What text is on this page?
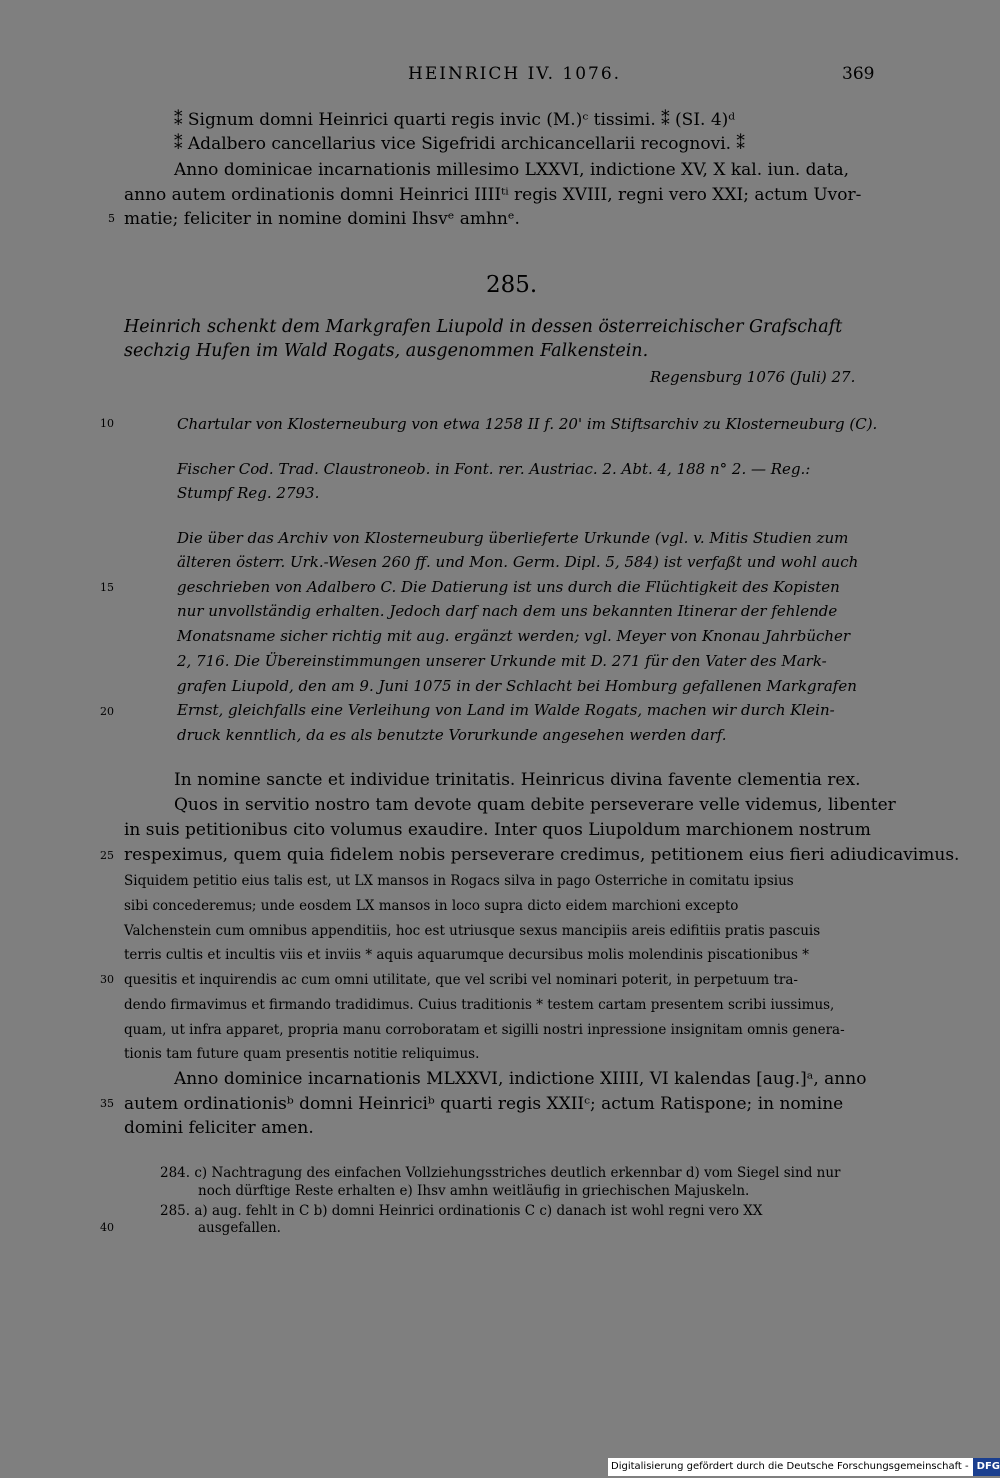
HEINRICH IV. 1076.	369
⁑ Signum domni Heinrici quarti regis invic (M.)ᶜ tissimi. ⁑ (SI. 4)ᵈ
⁑ Adalbero cancellarius vice Sigefridi archicancellarii recognovi. ⁑
Anno dominicae incarnationis millesimo LXXVI, indictione XV, X kal. iun. data,
anno autem ordinationis domni Heinrici IIIIᵗⁱ regis XVIII, regni vero XXI; actum Uvor-
matie; feliciter in nomine domini Ihsvᵉ amhnᵉ.
285.
Heinrich schenkt dem Markgrafen Liupold in dessen österreichischer Grafschaft
sechzig Hufen im Wald Rogats, ausgenommen Falkenstein.
Regensburg 1076 (Juli) 27.
Chartular von Klosterneuburg von etwa 1258 II f. 20' im Stiftsarchiv zu Klosterneuburg (C).
Fischer Cod. Trad. Claustroneob. in Font. rer. Austriac. 2. Abt. 4, 188 n° 2. — Reg.:
Stumpf Reg. 2793.
Die über das Archiv von Klosterneuburg überlieferte Urkunde (vgl. v. Mitis Studien zum
älteren österr. Urk.-Wesen 260 ff. und Mon. Germ. Dipl. 5, 584) ist verfaßt und wohl auch
geschrieben von Adalbero C. Die Datierung ist uns durch die Flüchtigkeit des Kopisten
nur unvollständig erhalten. Jedoch darf nach dem uns bekannten Itinerar der fehlende
Monatsname sicher richtig mit aug. ergänzt werden; vgl. Meyer von Knonau Jahrbücher
2, 716. Die Übereinstimmungen unserer Urkunde mit D. 271 für den Vater des Mark-
grafen Liupold, den am 9. Juni 1075 in der Schlacht bei Homburg gefallenen Markgrafen
Ernst, gleichfalls eine Verleihung von Land im Walde Rogats, machen wir durch Klein-
druck kenntlich, da es als benutzte Vorurkunde angesehen werden darf.
In nomine sancte et individue trinitatis. Heinricus divina favente clementia rex.
Quos in servitio nostro tam devote quam debite perseverare velle videmus, libenter
in suis petitionibus cito volumus exaudire. Inter quos Liupoldum marchionem nostrum
respeximus, quem quia fidelem nobis perseverare credimus, petitionem eius fieri adiudicavimus.
Siquidem petitio eius talis est, ut LX mansos in Rogacs silva in pago Osterriche in comitatu ipsius
sibi concederemus; unde eosdem LX mansos in loco supra dicto eidem marchioni excepto
Valchenstein cum omnibus appenditiis, hoc est utriusque sexus mancipiis areis edifitiis pratis pascuis
terris cultis et incultis viis et inviis * aquis aquarumque decursibus molis molendinis piscationibus *
quesitis et inquirendis ac cum omni utilitate, que vel scribi vel nominari poterit, in perpetuum tra-
dendo firmavimus et firmando tradidimus. Cuius traditionis * testem cartam presentem scribi iussimus,
quam, ut infra apparet, propria manu corroboratam et sigilli nostri inpressione insignitam omnis genera-
tionis tam future quam presentis notitie reliquimus.
Anno dominice incarnationis MLXXVI, indictione XIIII, VI kalendas [aug.]ᵃ, anno
autem ordinationisᵇ domni Heinriciᵇ quarti regis XXIIᶜ; actum Ratispone; in nomine
domini feliciter amen.
284. c) Nachtragung des einfachen Vollziehungsstriches deutlich erkennbar d) vom Siegel sind nur
noch dürftige Reste erhalten e) Ihsv amhn weitläufig in griechischen Majuskeln.
285. a) aug. fehlt in C b) domni Heinrici ordinationis C c) danach ist wohl regni vero XX
ausgefallen.
5
10
15
20
25
30
35
40
Digitalisierung gefördert durch die Deutsche Forschungsgemeinschaft - DFG
